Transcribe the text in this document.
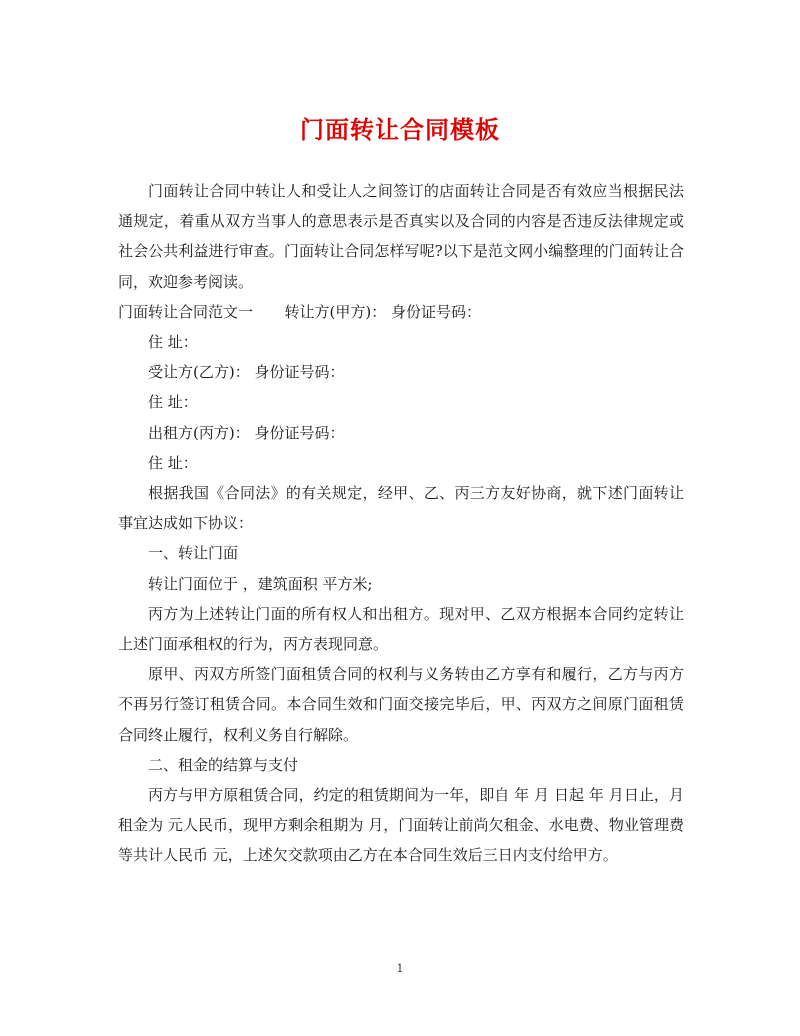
门面转让合同模板

门面转让合同中转让人和受让人之间签订的店面转让合同是否有效应当根据民法通规定，着重从双方当事人的意思表示是否真实以及合同的内容是否违反法律规定或社会公共利益进行审查。门面转让合同怎样写呢?以下是范文网小编整理的门面转让合同，欢迎参考阅读。

门面转让合同范文一 转让方(甲方)： 身份证号码：

住 址：

受让方(乙方)： 身份证号码：

住 址：

出租方(丙方)： 身份证号码：

住 址：

根据我国《合同法》的有关规定，经甲、乙、丙三方友好协商，就下述门面转让事宜达成如下协议：

一、转让门面

转让门面位于 ，建筑面积 平方米;

丙方为上述转让门面的所有权人和出租方。现对甲、乙双方根据本合同约定转让上述门面承租权的行为，丙方表现同意。

原甲、丙双方所签门面租赁合同的权利与义务转由乙方享有和履行，乙方与丙方不再另行签订租赁合同。本合同生效和门面交接完毕后，甲、丙双方之间原门面租赁合同终止履行，权利义务自行解除。

二、租金的结算与支付

丙方与甲方原租赁合同，约定的租赁期间为一年，即自 年 月 日起 年 月日止，月租金为 元人民币，现甲方剩余租期为 月，门面转让前尚欠租金、水电费、物业管理费等共计人民币 元，上述欠交款项由乙方在本合同生效后三日内支付给甲方。

1
